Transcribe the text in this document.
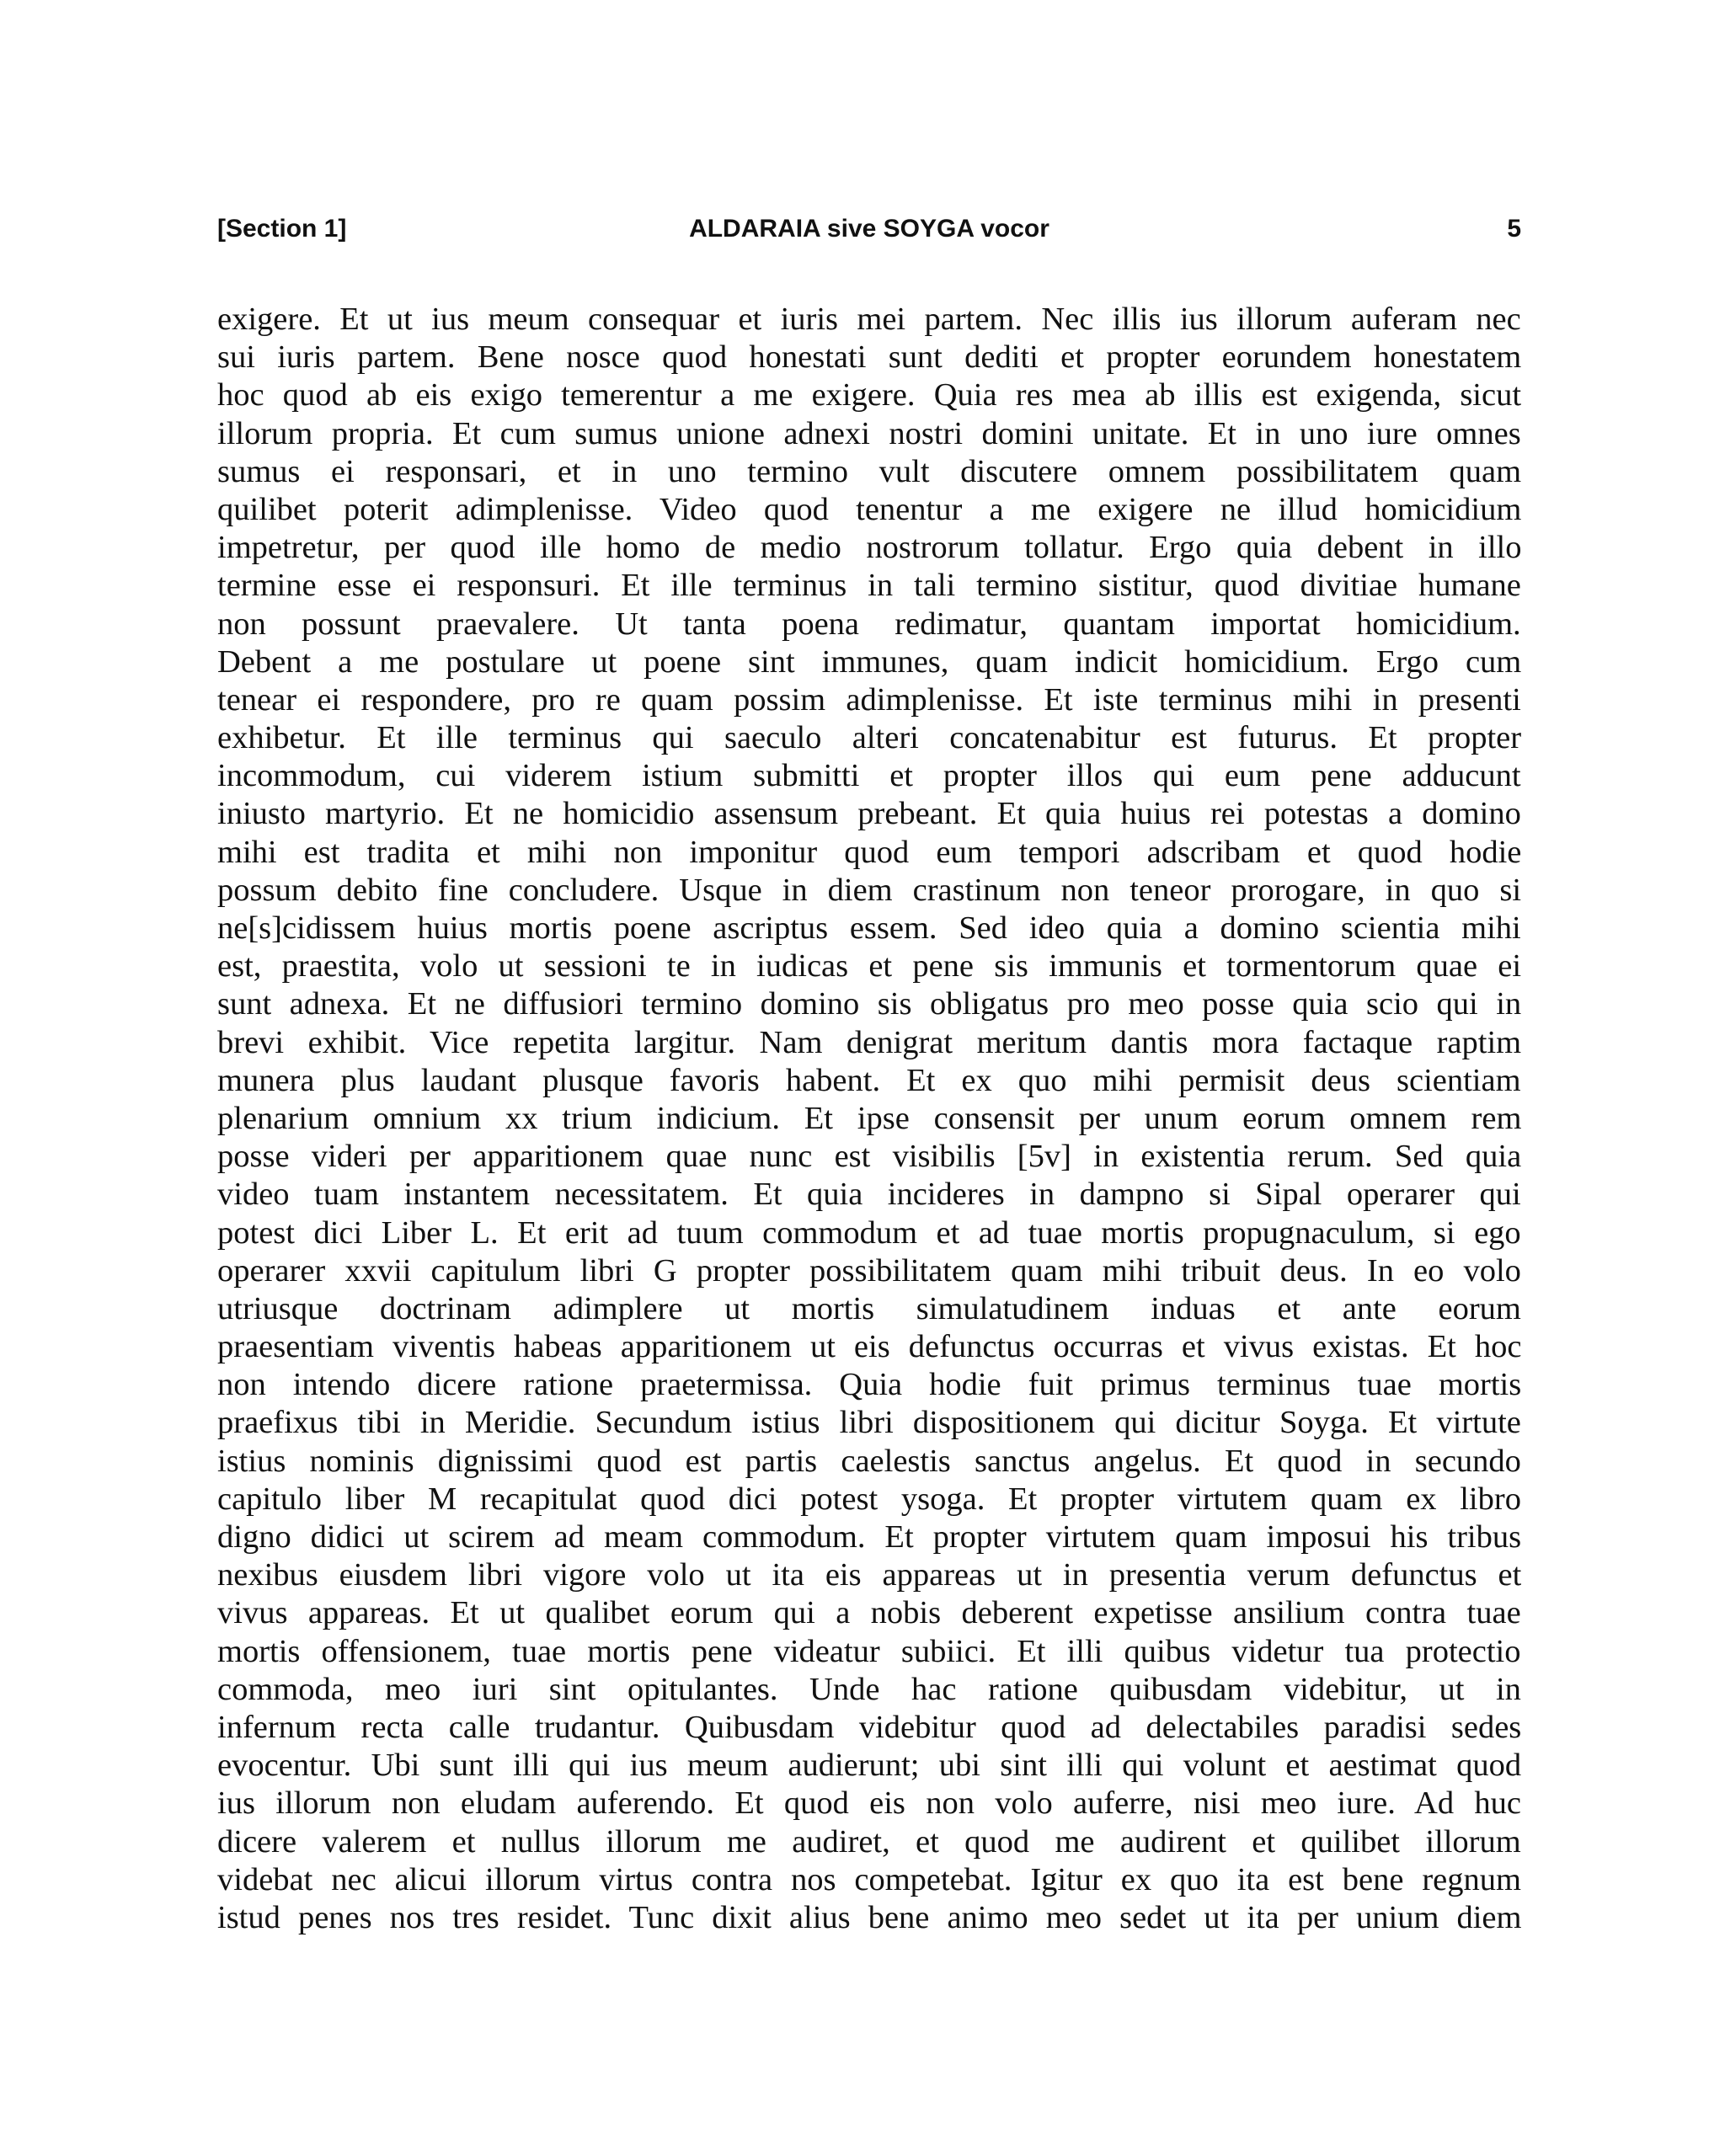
[Section 1]	ALDARAIA sive SOYGA vocor	5
exigere. Et ut ius meum consequar et iuris mei partem. Nec illis ius illorum auferam nec
sui iuris partem. Bene nosce quod honestati sunt dediti et propter eorundem honestatem
hoc quod ab eis exigo temerentur a me exigere. Quia res mea ab illis est exigenda, sicut
illorum propria. Et cum sumus unione adnexi nostri domini unitate. Et in uno iure omnes
sumus ei responsari, et in uno termino vult discutere omnem possibilitatem quam
quilibet poterit adimplenisse. Video quod tenentur a me exigere ne illud homicidium
impetretur, per quod ille homo de medio nostrorum tollatur. Ergo quia debent in illo
termine esse ei responsuri. Et ille terminus in tali termino sistitur, quod divitiae humane
non possunt praevalere. Ut tanta poena redimatur, quantam importat homicidium.
Debent a me postulare ut poene sint immunes, quam indicit homicidium. Ergo cum
tenear ei respondere, pro re quam possim adimplenisse. Et iste terminus mihi in presenti
exhibetur. Et ille terminus qui saeculo alteri concatenabitur est futurus. Et propter
incommodum, cui viderem istium submitti et propter illos qui eum pene adducunt
iniusto martyrio. Et ne homicidio assensum prebeant. Et quia huius rei potestas a domino
mihi est tradita et mihi non imponitur quod eum tempori adscribam et quod hodie
possum debito fine concludere. Usque in diem crastinum non teneor prorogare, in quo si
ne[s]cidissem huius mortis poene ascriptus essem. Sed ideo quia a domino scientia mihi
est, praestita, volo ut sessioni te in iudicas et pene sis immunis et tormentorum quae ei
sunt adnexa. Et ne diffusiori termino domino sis obligatus pro meo posse quia scio qui in
brevi exhibit. Vice repetita largitur. Nam denigrat meritum dantis mora factaque raptim
munera plus laudant plusque favoris habent. Et ex quo mihi permisit deus scientiam
plenarium omnium xx trium indicium. Et ipse consensit per unum eorum omnem rem
posse videri per apparitionem quae nunc est visibilis [5v] in existentia rerum. Sed quia
video tuam instantem necessitatem. Et quia incideres in dampno si Sipal operarer qui
potest dici Liber L. Et erit ad tuum commodum et ad tuae mortis propugnaculum, si ego
operarer xxvii capitulum libri G propter possibilitatem quam mihi tribuit deus. In eo volo
utriusque doctrinam adimplere ut mortis simulatudinem induas et ante eorum
praesentiam viventis habeas apparitionem ut eis defunctus occurras et vivus existas. Et hoc
non intendo dicere ratione praetermissa. Quia hodie fuit primus terminus tuae mortis
praefixus tibi in Meridie. Secundum istius libri dispositionem qui dicitur Soyga. Et virtute
istius nominis dignissimi quod est partis caelestis sanctus angelus. Et quod in secundo
capitulo liber M recapitulat quod dici potest ysoga. Et propter virtutem quam ex libro
digno didici ut scirem ad meam commodum. Et propter virtutem quam imposui his tribus
nexibus eiusdem libri vigore volo ut ita eis appareas ut in presentia verum defunctus et
vivus appareas. Et ut qualibet eorum qui a nobis deberent expetisse ansilium contra tuae
mortis offensionem, tuae mortis pene videatur subiici. Et illi quibus videtur tua protectio
commoda, meo iuri sint opitulantes. Unde hac ratione quibusdam videbitur, ut in
infernum recta calle trudantur. Quibusdam videbitur quod ad delectabiles paradisi sedes
evocentur. Ubi sunt illi qui ius meum audierunt; ubi sint illi qui volunt et aestimat quod
ius illorum non eludam auferendo. Et quod eis non volo auferre, nisi meo iure. Ad huc
dicere valerem et nullus illorum me audiret, et quod me audirent et quilibet illorum
videbat nec alicui illorum virtus contra nos competebat. Igitur ex quo ita est bene regnum
istud penes nos tres residet. Tunc dixit alius bene animo meo sedet ut ita per unium diem
